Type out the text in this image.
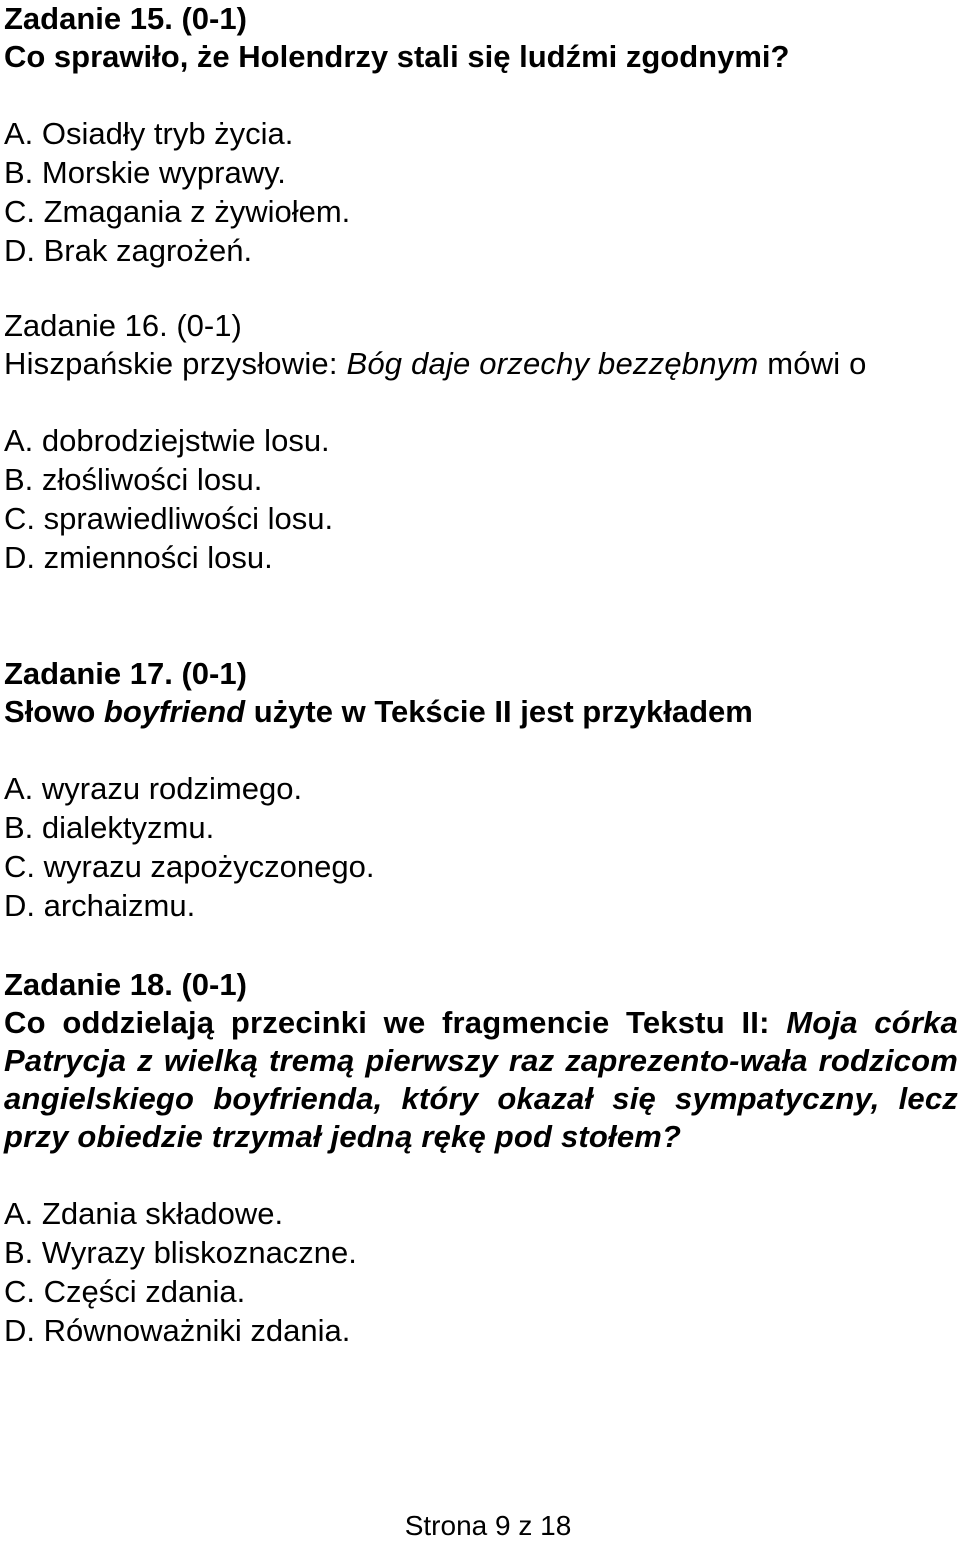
Zadanie 15. (0-1)
Co sprawiło, że Holendrzy stali się ludźmi zgodnymi?
A. Osiadły tryb życia.
B. Morskie wyprawy.
C. Zmagania z żywiołem.
D. Brak zagrożeń.
Zadanie 16. (0-1)
Hiszpańskie przysłowie: Bóg daje orzechy bezzębnym mówi o
A. dobrodziejstwie losu.
B. złośliwości losu.
C. sprawiedliwości losu.
D. zmienności losu.
Zadanie 17. (0-1)
Słowo boyfriend użyte w Tekście II jest przykładem
A. wyrazu rodzimego.
B. dialektyzmu.
C. wyrazu zapożyczonego.
D. archaizmu.
Zadanie 18. (0-1)
Co oddzielają przecinki we fragmencie Tekstu II: Moja córka Patrycja z wielką tremą pierwszy raz zaprezento-wała rodzicom angielskiego boyfrienda, który okazał się sympatyczny, lecz przy obiedzie trzymał jedną rękę pod stołem?
A. Zdania składowe.
B. Wyrazy bliskoznaczne.
C. Części zdania.
D. Równoważniki zdania.
Strona 9 z 18
